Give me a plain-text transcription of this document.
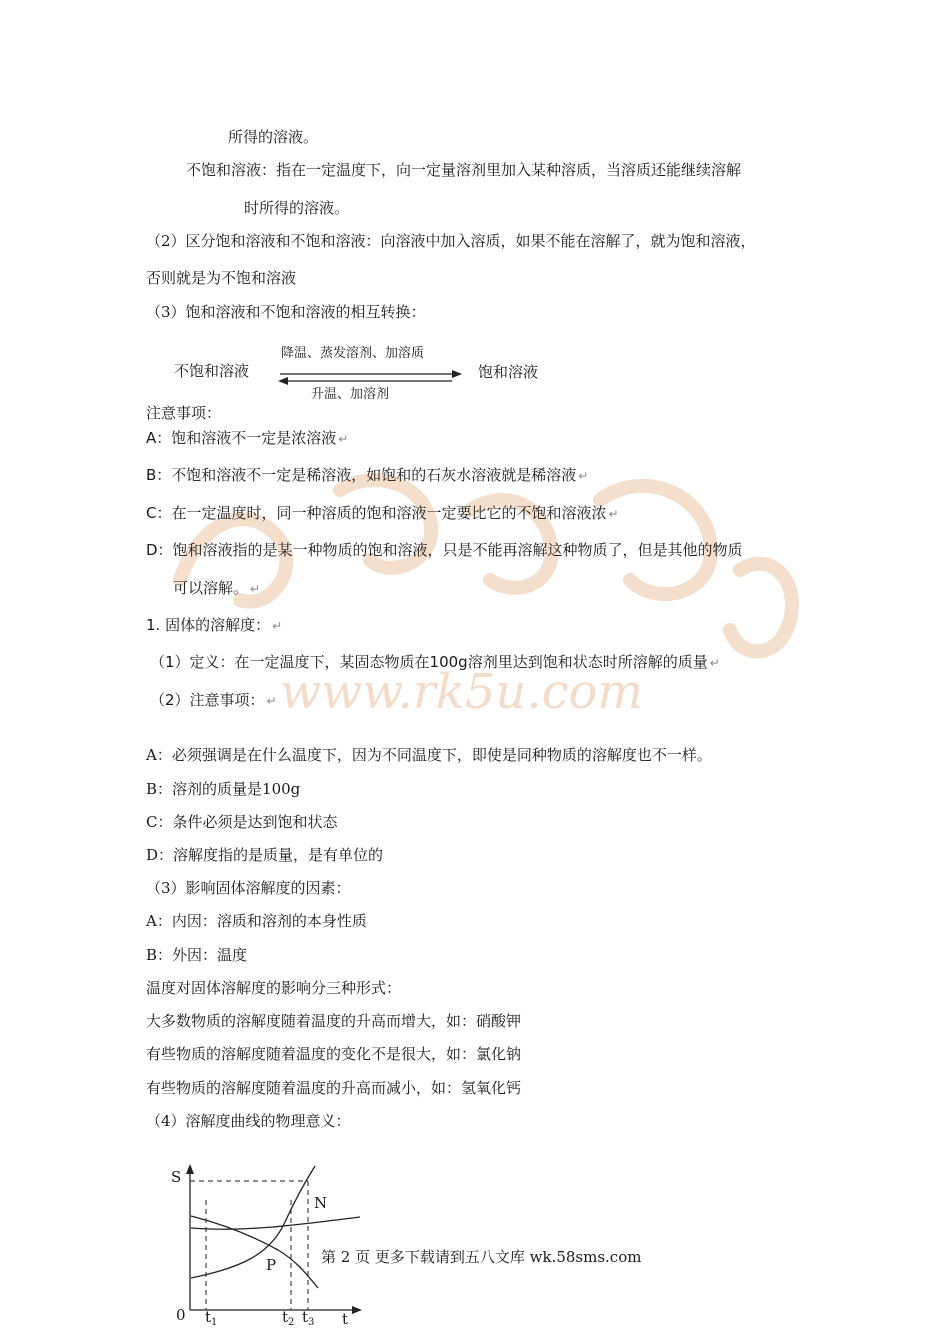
www.rk5u.com
所得的溶液。
不饱和溶液：指在一定温度下，向一定量溶剂里加入某种溶质，当溶质还能继续溶解
时所得的溶液。
（2）区分饱和溶液和不饱和溶液：向溶液中加入溶质，如果不能在溶解了，就为饱和溶液，
否则就是为不饱和溶液
（3）饱和溶液和不饱和溶液的相互转换：
不饱和溶液
降温、蒸发溶剂、加溶质
升温、加溶剂
饱和溶液
注意事项：
A：饱和溶液不一定是浓溶液 ↵
B：不饱和溶液不一定是稀溶液，如饱和的石灰水溶液就是稀溶液 ↵
C：在一定温度时，同一种溶质的饱和溶液一定要比它的不饱和溶液浓 ↵
D：饱和溶液指的是某一种物质的饱和溶液，只是不能再溶解这种物质了，但是其他的物质
可以溶解。 ↵
1. 固体的溶解度： ↵
（1）定义：在一定温度下，某固态物质在100g溶剂里达到饱和状态时所溶解的质量 ↵
（2）注意事项： ↵
A：必须强调是在什么温度下，因为不同温度下，即使是同种物质的溶解度也不一样。
B：溶剂的质量是100g
C：条件必须是达到饱和状态
D：溶解度指的是质量，是有单位的
（3）影响固体溶解度的因素：
A：内因：溶质和溶剂的本身性质
B：外因：温度
温度对固体溶解度的影响分三种形式：
大多数物质的溶解度随着温度的升高而增大，如：硝酸钾
有些物质的溶解度随着温度的变化不是很大，如：氯化钠
有些物质的溶解度随着温度的升高而减小，如：氢氧化钙
（4）溶解度曲线的物理意义：
S
0	t
N
P
$t_1$	$t_2$ $t_3$
第 2 页 更多下载请到五八文库 wk.58sms.com
